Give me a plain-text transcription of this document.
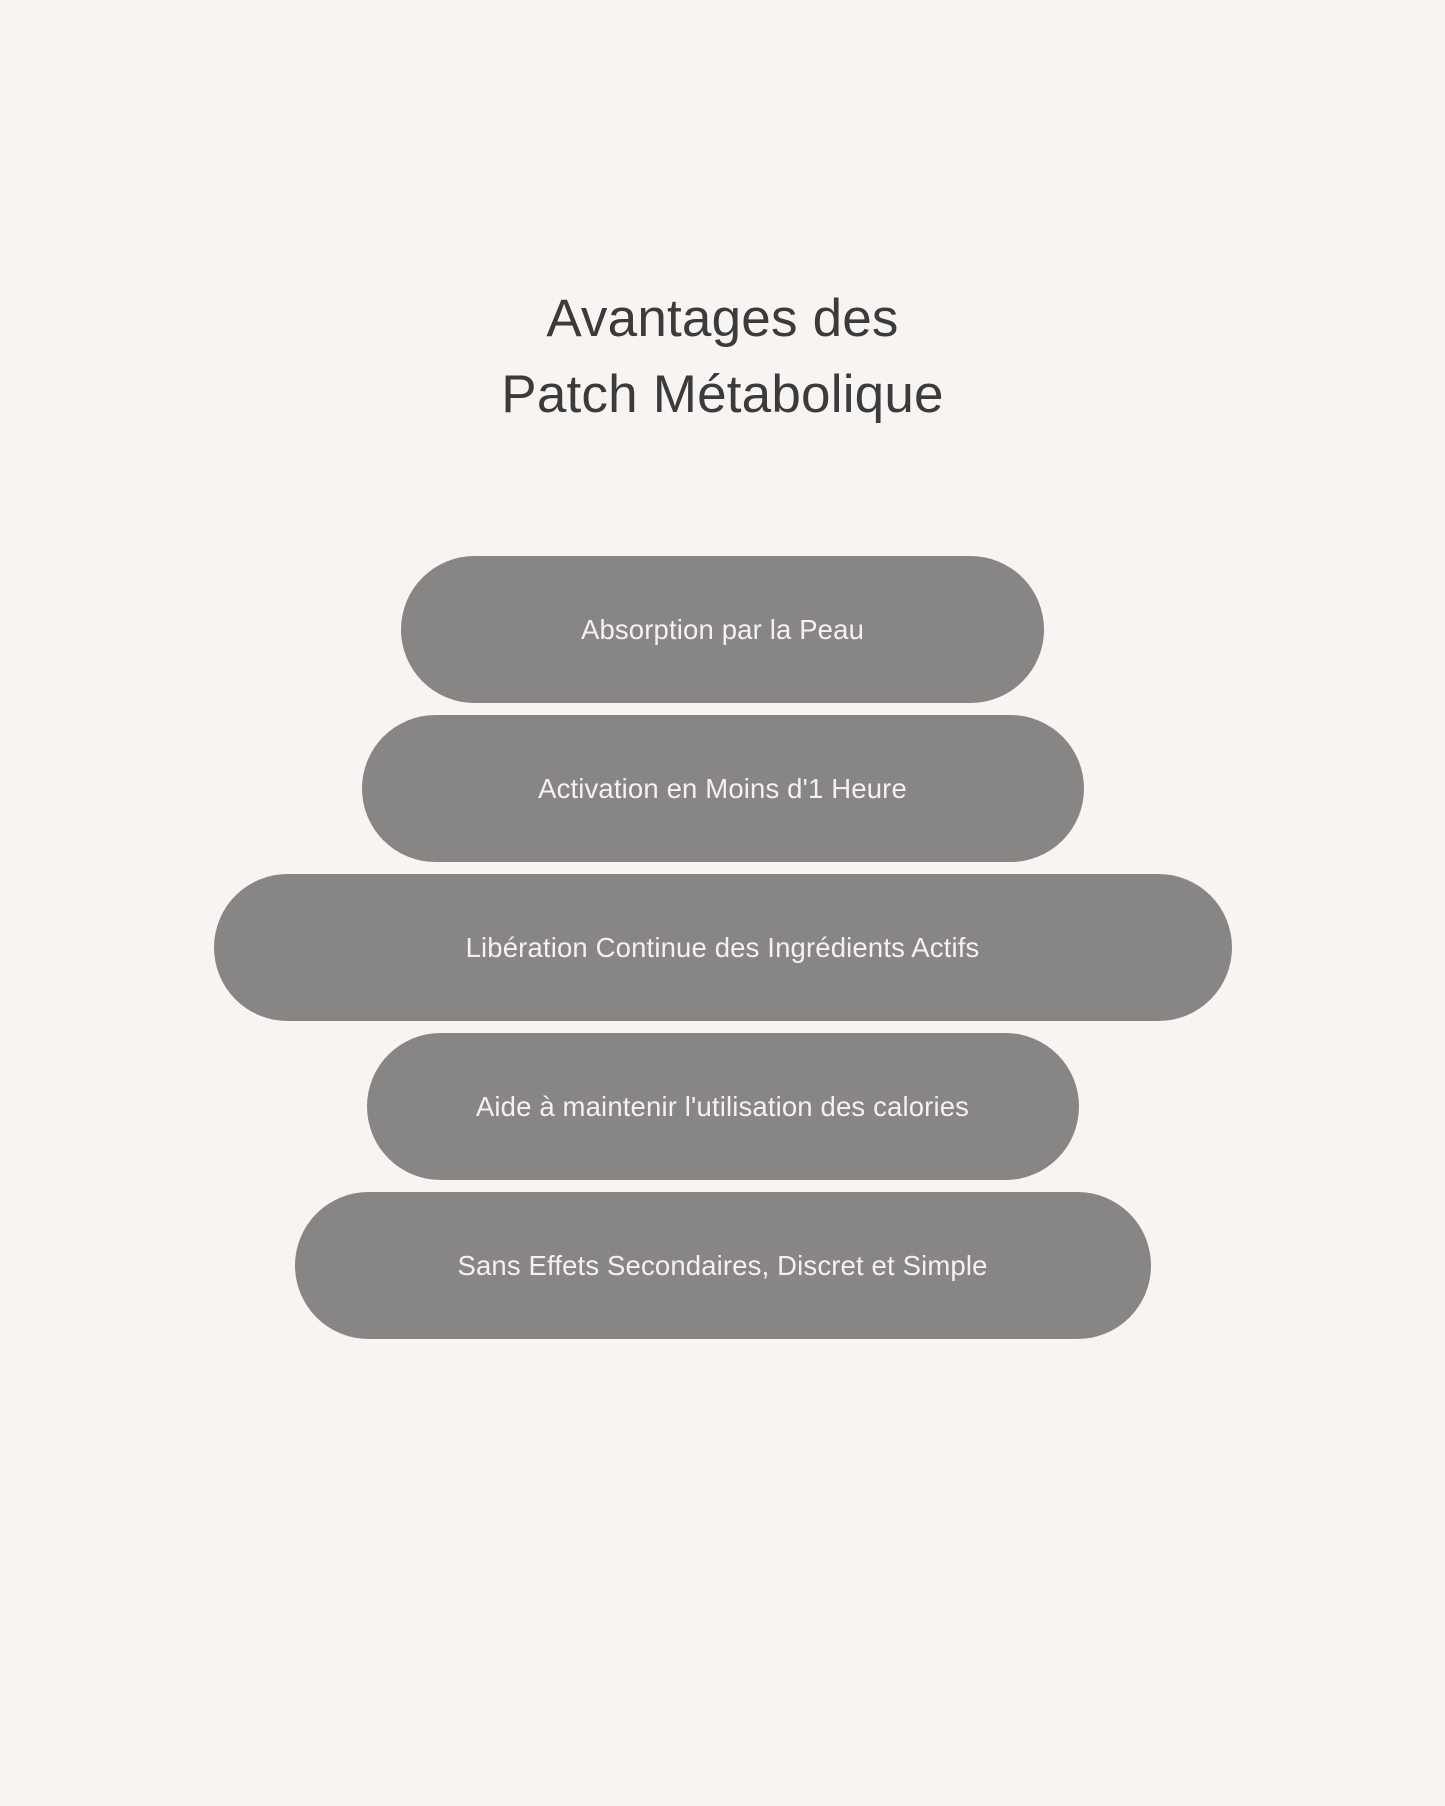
Avantages des
Patch Métabolique
Absorption par la Peau
Activation en Moins d'1 Heure
Libération Continue des Ingrédients Actifs
Aide à maintenir l'utilisation des calories
Sans Effets Secondaires, Discret et Simple
